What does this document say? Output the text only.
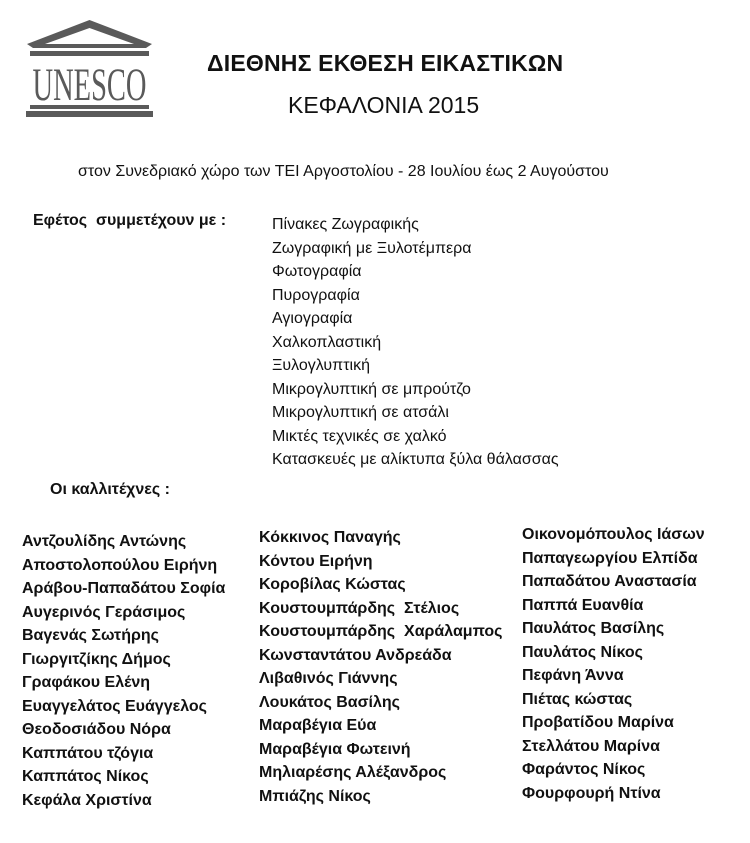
UNESCO	ΔΙΕΘΝΗΣ ΕΚΘΕΣΗ ΕΙΚΑΣΤΙΚΩΝ
ΚΕΦΑΛΟΝΙΑ 2015
στον Συνεδριακό χώρο των ΤΕΙ Αργοστολίου - 28 Ιουλίου έως 2 Αυγούστου
Εφέτος  συμμετέχουν με :	Πίνακες Ζωγραφικής
Ζωγραφική με Ξυλοτέμπερα
Φωτογραφία
Πυρογραφία
Αγιογραφία
Χαλκοπλαστική
Ξυλογλυπτική
Μικρογλυπτική σε μπρούτζο
Μικρογλυπτική σε ατσάλι
Μικτές τεχνικές σε χαλκό
Κατασκευές με αλίκτυπα ξύλα θάλασσας
Οι καλλιτέχνες :
Αντζουλίδης Αντώνης
Αποστολοπούλου Ειρήνη
Αράβου-Παπαδάτου Σοφία
Αυγερινός Γεράσιμος
Βαγενάς Σωτήρης
Γιωργιτζίκης Δήμος
Γραφάκου Ελένη
Ευαγγελάτος Ευάγγελος
Θεοδοσιάδου Νόρα
Καππάτου τζόγια
Καππάτος Νίκος
Κεφάλα Χριστίνα
Κόκκινος Παναγής
Κόντου Ειρήνη
Κοροβίλας Κώστας
Κουστουμπάρδης  Στέλιος
Κουστουμπάρδης  Χαράλαμπος
Κωνσταντάτου Ανδρεάδα
Λιβαθινός Γιάννης
Λουκάτος Βασίλης
Μαραβέγια Εύα
Μαραβέγια Φωτεινή
Μηλιαρέσης Αλέξανδρος
Μπιάζης Νίκος
Οικονομόπουλος Ιάσων
Παπαγεωργίου Ελπίδα
Παπαδάτου Αναστασία
Παππά Ευανθία
Παυλάτος Βασίλης
Παυλάτος Νίκος
Πεφάνη Άννα
Πιέτας κώστας
Προβατίδου Μαρίνα
Στελλάτου Μαρίνα
Φαράντος Νίκος
Φουρφουρή Ντίνα
